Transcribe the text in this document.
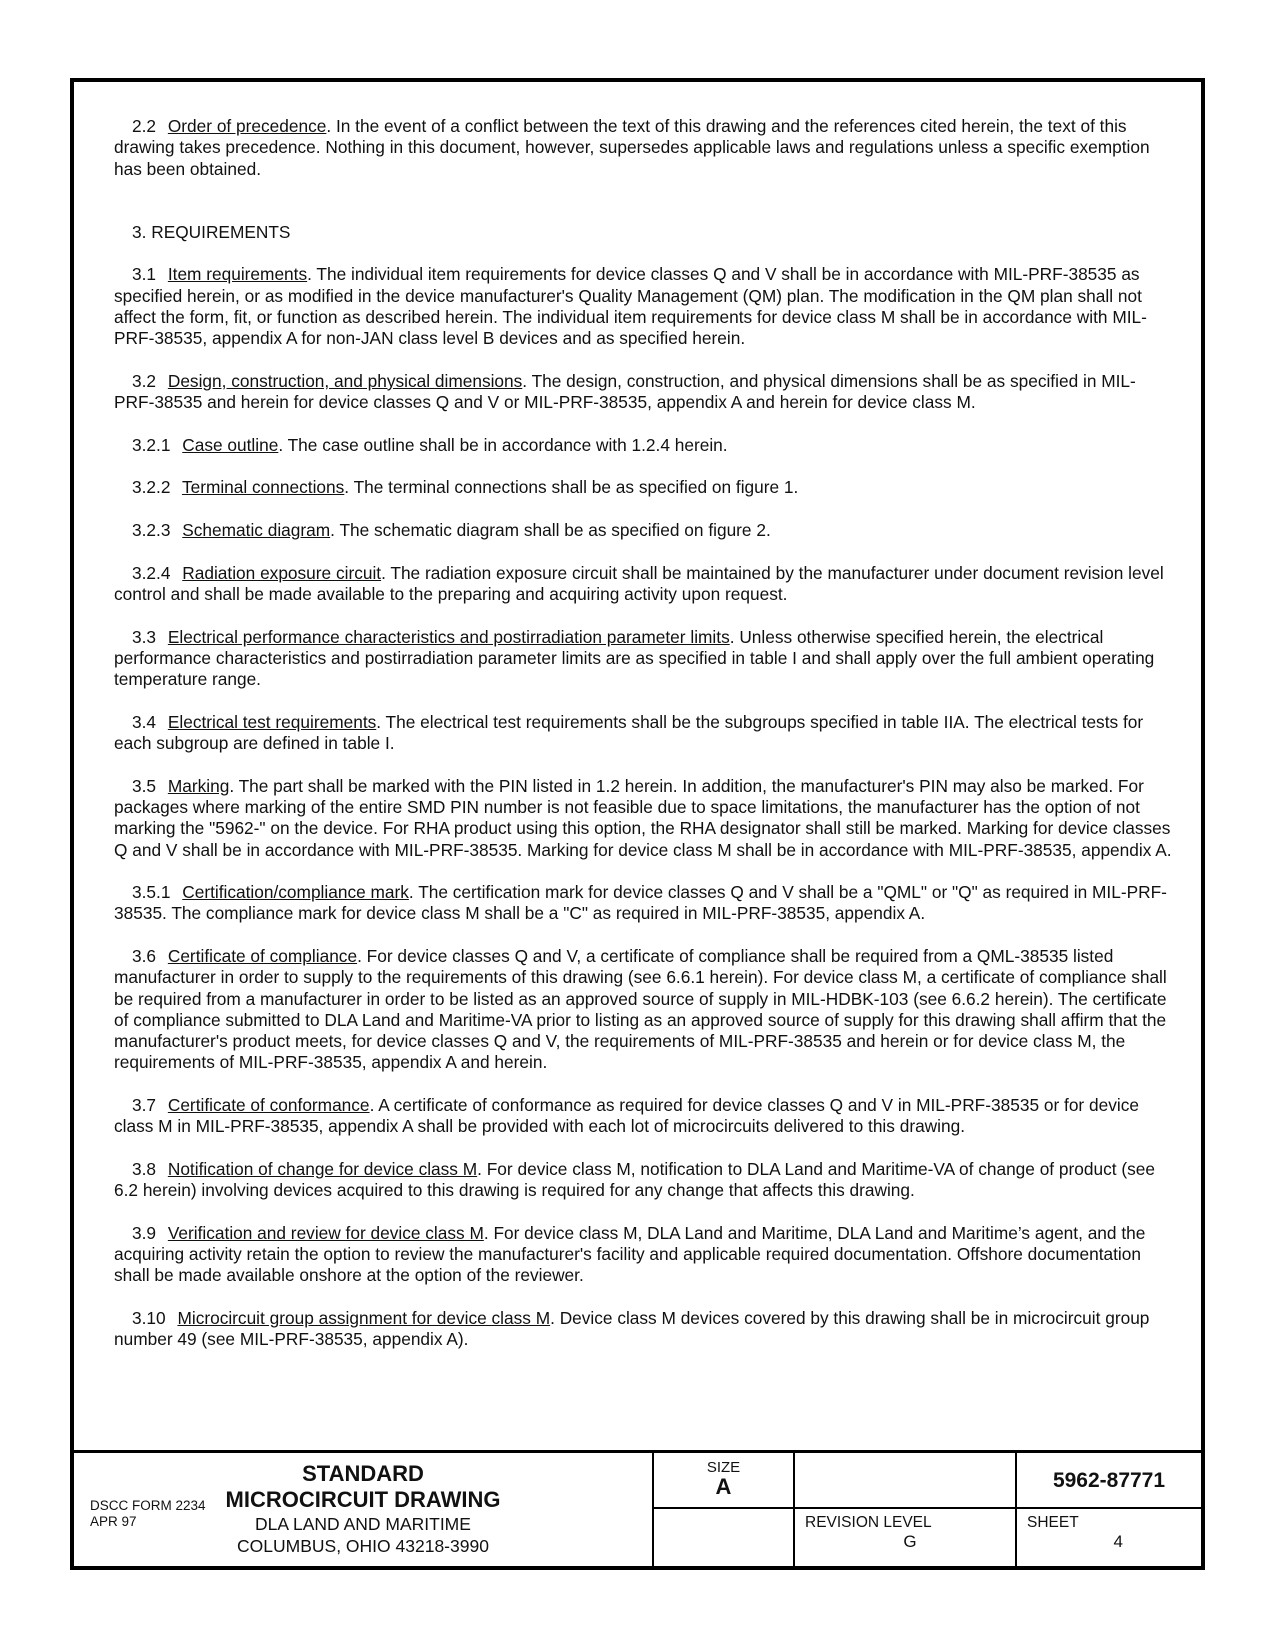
2.2 Order of precedence. In the event of a conflict between the text of this drawing and the references cited herein, the text of this drawing takes precedence. Nothing in this document, however, supersedes applicable laws and regulations unless a specific exemption has been obtained.

3. REQUIREMENTS

3.1 Item requirements. The individual item requirements for device classes Q and V shall be in accordance with MIL-PRF-38535 as specified herein, or as modified in the device manufacturer's Quality Management (QM) plan. The modification in the QM plan shall not affect the form, fit, or function as described herein. The individual item requirements for device class M shall be in accordance with MIL-PRF-38535, appendix A for non-JAN class level B devices and as specified herein.

3.2 Design, construction, and physical dimensions. The design, construction, and physical dimensions shall be as specified in MIL-PRF-38535 and herein for device classes Q and V or MIL-PRF-38535, appendix A and herein for device class M.

3.2.1 Case outline. The case outline shall be in accordance with 1.2.4 herein.

3.2.2 Terminal connections. The terminal connections shall be as specified on figure 1.

3.2.3 Schematic diagram. The schematic diagram shall be as specified on figure 2.

3.2.4 Radiation exposure circuit. The radiation exposure circuit shall be maintained by the manufacturer under document revision level control and shall be made available to the preparing and acquiring activity upon request.

3.3 Electrical performance characteristics and postirradiation parameter limits. Unless otherwise specified herein, the electrical performance characteristics and postirradiation parameter limits are as specified in table I and shall apply over the full ambient operating temperature range.

3.4 Electrical test requirements. The electrical test requirements shall be the subgroups specified in table IIA. The electrical tests for each subgroup are defined in table I.

3.5 Marking. The part shall be marked with the PIN listed in 1.2 herein. In addition, the manufacturer's PIN may also be marked. For packages where marking of the entire SMD PIN number is not feasible due to space limitations, the manufacturer has the option of not marking the "5962-" on the device. For RHA product using this option, the RHA designator shall still be marked. Marking for device classes Q and V shall be in accordance with MIL-PRF-38535. Marking for device class M shall be in accordance with MIL-PRF-38535, appendix A.

3.5.1 Certification/compliance mark. The certification mark for device classes Q and V shall be a "QML" or "Q" as required in MIL-PRF-38535. The compliance mark for device class M shall be a "C" as required in MIL-PRF-38535, appendix A.

3.6 Certificate of compliance. For device classes Q and V, a certificate of compliance shall be required from a QML-38535 listed manufacturer in order to supply to the requirements of this drawing (see 6.6.1 herein). For device class M, a certificate of compliance shall be required from a manufacturer in order to be listed as an approved source of supply in MIL-HDBK-103 (see 6.6.2 herein). The certificate of compliance submitted to DLA Land and Maritime-VA prior to listing as an approved source of supply for this drawing shall affirm that the manufacturer's product meets, for device classes Q and V, the requirements of MIL-PRF-38535 and herein or for device class M, the requirements of MIL-PRF-38535, appendix A and herein.

3.7 Certificate of conformance. A certificate of conformance as required for device classes Q and V in MIL-PRF-38535 or for device class M in MIL-PRF-38535, appendix A shall be provided with each lot of microcircuits delivered to this drawing.

3.8 Notification of change for device class M. For device class M, notification to DLA Land and Maritime-VA of change of product (see 6.2 herein) involving devices acquired to this drawing is required for any change that affects this drawing.

3.9 Verification and review for device class M. For device class M, DLA Land and Maritime, DLA Land and Maritime’s agent, and the acquiring activity retain the option to review the manufacturer's facility and applicable required documentation. Offshore documentation shall be made available onshore at the option of the reviewer.

3.10 Microcircuit group assignment for device class M. Device class M devices covered by this drawing shall be in microcircuit group number 49 (see MIL-PRF-38535, appendix A).

STANDARD
MICROCIRCUIT DRAWING
DLA LAND AND MARITIME
COLUMBUS, OHIO 43218-3990
SIZE
A	5962-87771
REVISION LEVEL
G
SHEET
4
DSCC FORM 2234
APR 97
